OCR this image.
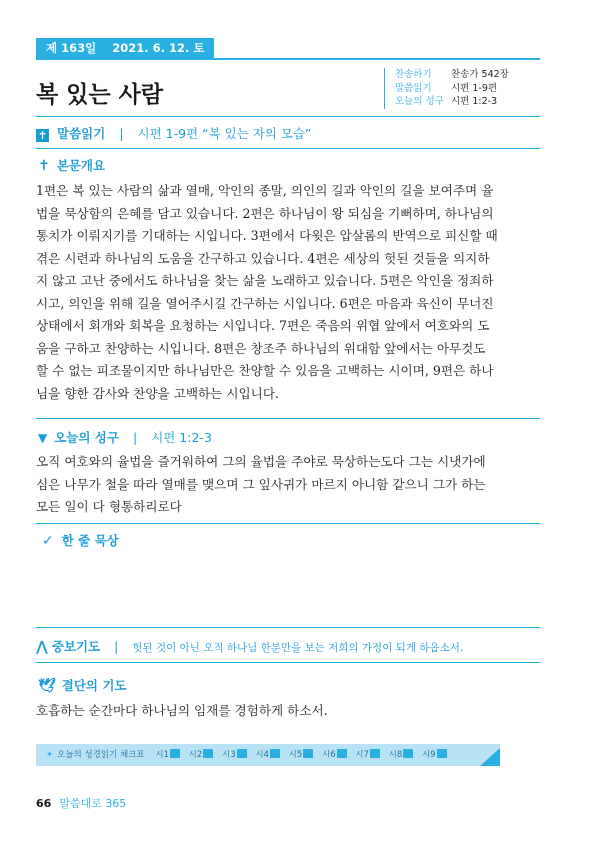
제 163일 2021. 6. 12. 토
복 있는 사람
찬송하기 찬송가 542장
말씀읽기 시편 1-9편
오늘의 성구 시편 1:2-3
✝ 말씀읽기 | 시편 1-9편 “복 있는 자의 모습”
✝ 본문개요
1편은 복 있는 사람의 삶과 열매, 악인의 종말, 의인의 길과 악인의 길을 보여주며 율
법을 묵상함의 은혜를 담고 있습니다. 2편은 하나님이 왕 되심을 기뻐하며, 하나님의
통치가 이뤄지기를 기대하는 시입니다. 3편에서 다윗은 압살롬의 반역으로 피신할 때
겪은 시련과 하나님의 도움을 간구하고 있습니다. 4편은 세상의 헛된 것들을 의지하
지 않고 고난 중에서도 하나님을 찾는 삶을 노래하고 있습니다. 5편은 악인을 정죄하
시고, 의인을 위해 길을 열어주시길 간구하는 시입니다. 6편은 마음과 육신이 무너진
상태에서 회개와 회복을 요청하는 시입니다. 7편은 죽음의 위협 앞에서 여호와의 도
움을 구하고 찬양하는 시입니다. 8편은 창조주 하나님의 위대함 앞에서는 아무것도
할 수 없는 피조물이지만 하나님만은 찬양할 수 있음을 고백하는 시이며, 9편은 하나
님을 향한 감사와 찬양을 고백하는 시입니다.
▼ 오늘의 성구 | 시편 1:2-3
오직 여호와의 율법을 즐거워하여 그의 율법을 주야로 묵상하는도다 그는 시냇가에
심은 나무가 철을 따라 열매를 맺으며 그 잎사귀가 마르지 아니함 같으니 그가 하는
모든 일이 다 형통하리로다
✓ 한 줄 묵상
⋀ 중보기도 | 헛된 것이 아닌 오직 하나님 한분만을 보는 저희의 가정이 되게 하옵소서.
🕊 결단의 기도
호흡하는 순간마다 하나님의 임재를 경험하게 하소서.
✦ 오늘의 성경읽기 체크표 시1 시2 시3 시4 시5 시6 시7 시8 시9
66 말씀대로 365
